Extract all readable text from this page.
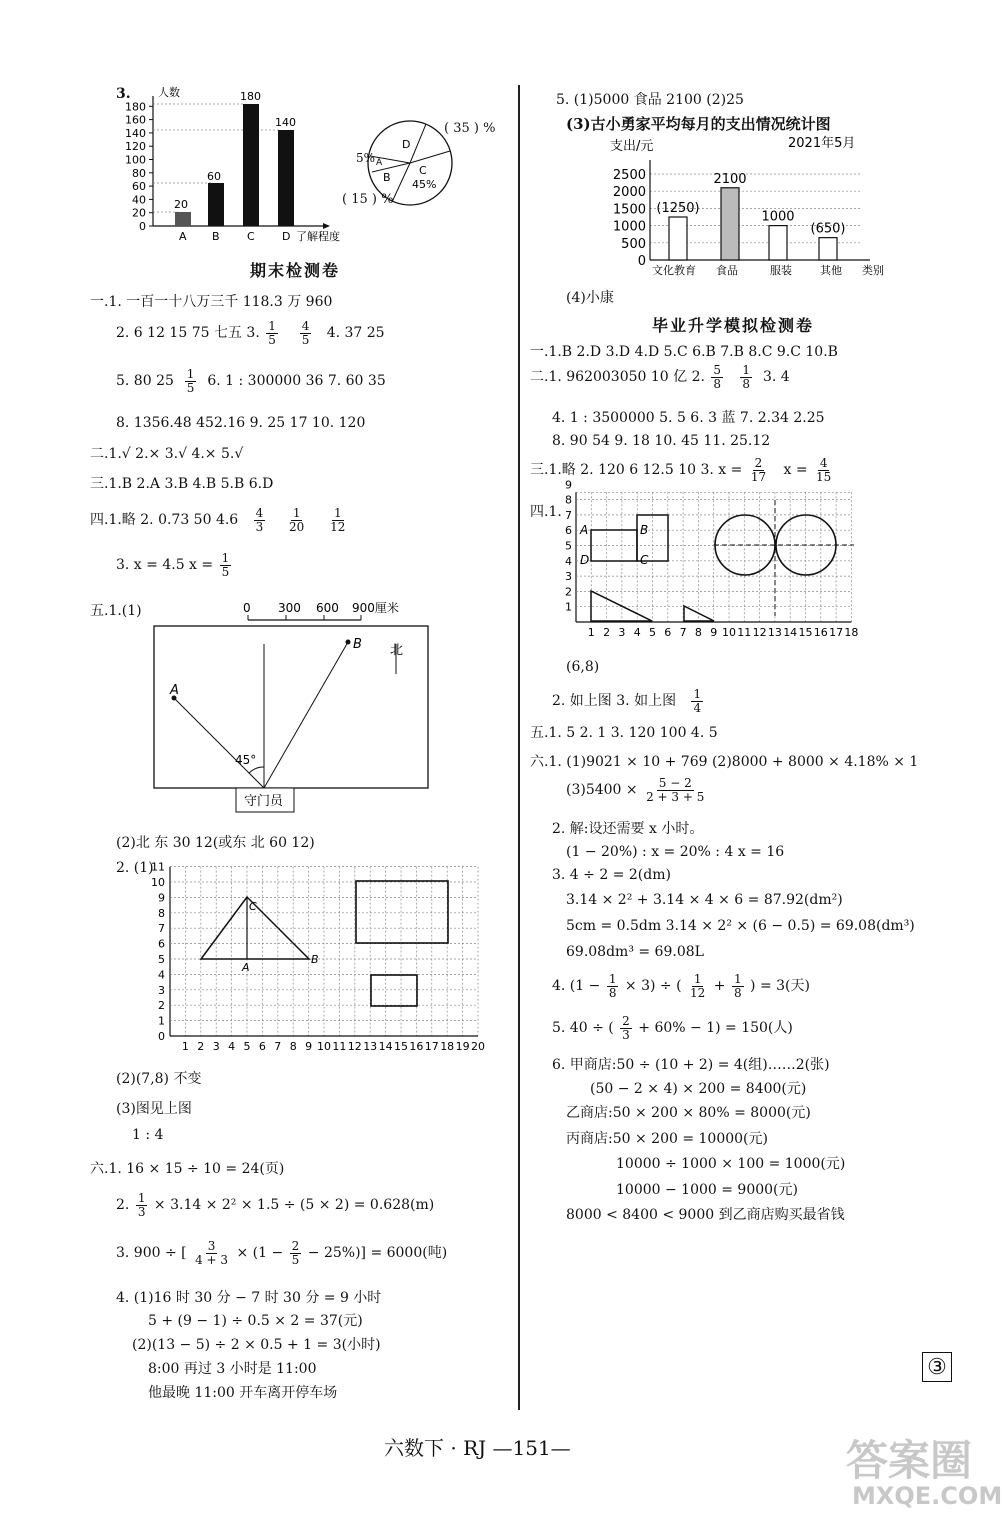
3. 人数
0
20
40
60
80
100
120
140
160
180
20
60
180
140
A B C D 了解程度
D
A
B
C
45%
( 35 ) %
5%
( 15 ) %
期末检测卷
一.1. 一百一十八万三千 118.3 万 960
2. 6 12 15 75 七五 3. $\frac{1}{5}$
$\frac{4}{5} 4$. 37 25
5. 80 $25 \frac{1}{5} 6$. 1 : 300000 36 7. 60 35
8. 1356.48 452.16 9. 25 17 10. 120
二.1.√ 2.× 3.√ 4.× 5.√
三.1.B 2.A 3.B 4.B 5.B 6.D
四.1.略 2. 0.73 50 $4.6 \frac{4}{3}$
$\frac{1}{20}$
$\frac{1}{12}$
3. x = 4.5 $x = \frac{1}{5}$
五.1.(1)	0 300 600 900厘米
A
B
45°
北
守门员
(2)北 东 30 12(或东 北 60 12)
2. (1)
0
1
2
3
4
5
6
7
8
9
10
11
1 2 3 4 5 6 7 8 9 10 11 12 13 14 15 16 17 18 19 20
C
A
B
(2)(7,8) 不变
(3)图见上图
1 : 4
六.1. 16 × 15 ÷ 10 = 24(页)
2. $\frac{1}{3} \times 3.14 \times 2^2 \times 1.5 \div (5 \times 2) = 0.628(m)$
3. 900 ÷ [ $\frac{3}{4 + 3} \times (1 - \frac{2}{5} - 25\%)] = 6000$(吨)
4. (1)16 时 30 分 − 7 时 30 分 = 9 小时
5 + (9 − 1) ÷ 0.5 × 2 = 37(元)
(2)(13 − 5) ÷ 2 × 0.5 + 1 = 3(小时)
8:00 再过 3 小时是 11:00
他最晚 11:00 开车离开停车场
5. (1)5000 食品 2100 (2)25
(3)古小勇家平均每月的支出情况统计图
支出/元	2021年5月
0
500
1000
1500
2000
2500
(1250)
2100
1000
(650)
文化教育 食品	服装	其他 类别
(4)小康
毕业升学模拟检测卷
一.1.B 2.D 3.D 4.D 5.C 6.B 7.B 8.C 9.C 10.B
二.1. 962003050 10 亿 2. $\frac{5}{8}$
$\frac{1}{8} 3$. 4
4. 1 : 3500000 5. 5 6. 3 蓝 7. 2.34 2.25
8. 90 54 9. 18 10. 45 11. 25.12
三.1.略 2. 120 6 12.5 10 3. $x = \frac{2}{17}$ $x = \frac{4}{15}$
四.1.
1
2
3
4
5
6
7
8
9
1 2 3 4 5 6 7 8 9 10 11 12 13 14 15 16 17 18
A	B
C
D
(6,8)
2. 如上图 3. 如上图 $\frac{1}{4}$
五.1. 5 2. 1 3. 120 100 4. 5
六.1. (1)9021 × 10 + 769 (2)8000 + 8000 × 4.18% × 1
$(3)5400 \times \frac{5 - 2}{2 + 3 + 5}$
2. 解:设还需要 x 小时。
(1 − 20%) : x = 20% : 4 x = 16
3. 4 ÷ 2 = 2(dm)
3.14 × 2² + 3.14 × 4 × 6 = 87.92(dm²)
5cm = 0.5dm 3.14 × 2² × (6 − 0.5) = 69.08(dm³)
69.08dm³ = 69.08L
4. $(1 - \frac{1}{8} \times 3)$ ÷ ( $\frac{1}{12} + \frac{1}{8}$ ) = 3(天)
5. 40 ÷ ( $\frac{2}{3} + 60\% - 1) = 150$(人)
6. 甲商店:50 ÷ (10 + 2) = 4(组)……2(张)
(50 − 2 × 4) × 200 = 8400(元)
乙商店:50 × 200 × 80% = 8000(元)
丙商店:50 × 200 = 10000(元)
10000 ÷ 1000 × 100 = 1000(元)
10000 − 1000 = 9000(元)
8000 < 8400 < 9000 到乙商店购买最省钱
③
六数下 · RJ —151—	答案圈
MXQE.COM
